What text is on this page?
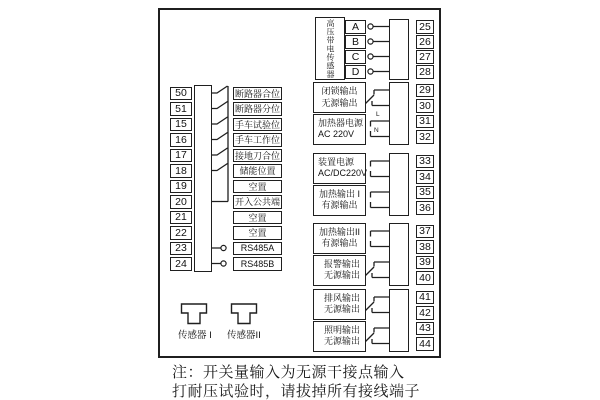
50
51
15
16
17
18
19
20
21
22
23
24
断路器合位
断路器分位
手车试验位
手车工作位
接地刀合位
储能位置
空置
开入公共端
空置
空置
RS485A
RS485B
高压带电传感器	A
B
C
D
闭锁输出
无源输出
加热器电源
AC 220V
装置电源
AC/DC220V
加热输出 I
有源输出
加热输出II
有源输出
报警输出
无源输出
排风输出
无源输出
照明输出
无源输出
L
N
25
26
27
28
29
30
31
32
33
34
35
36
37
38
39
40
41
42
43
44
传感器 I 传感器II
注：开关量输入为无源干接点输入
打耐压试验时，请拔掉所有接线端子
